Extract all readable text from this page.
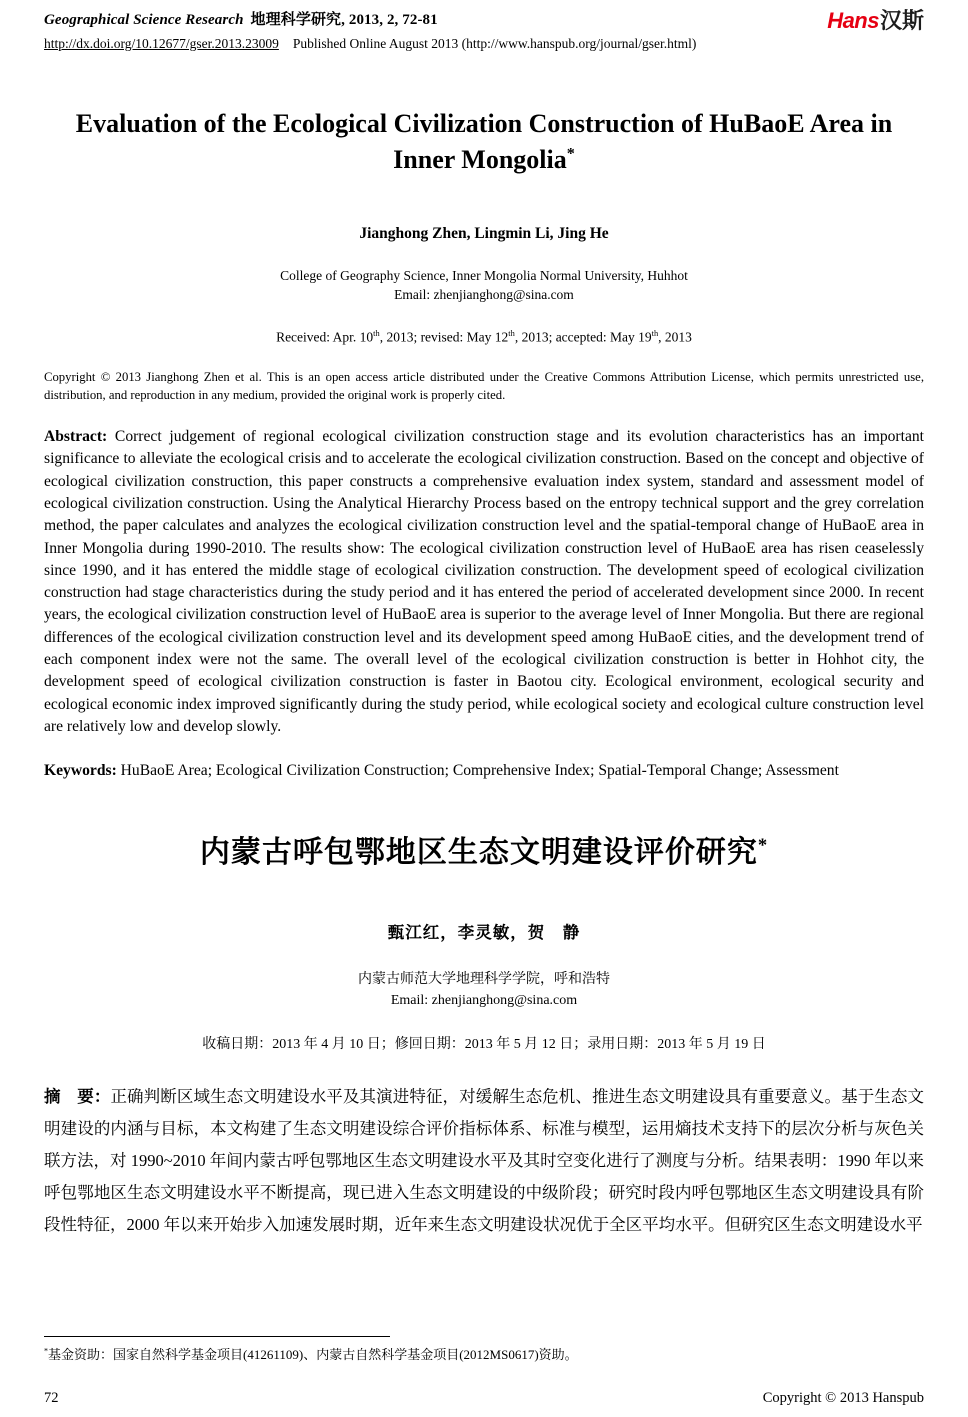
Geographical Science Research 地理科学研究, 2013, 2, 72-81
http://dx.doi.org/10.12677/gser.2013.23009 Published Online August 2013 (http://www.hanspub.org/journal/gser.html)
Hans汉斯
Evaluation of the Ecological Civilization Construction of HuBaoE Area in Inner Mongolia*
Jianghong Zhen, Lingmin Li, Jing He
College of Geography Science, Inner Mongolia Normal University, Huhhot
Email: zhenjianghong@sina.com
Received: Apr. 10th, 2013; revised: May 12th, 2013; accepted: May 19th, 2013

Copyright © 2013 Jianghong Zhen et al. This is an open access article distributed under the Creative Commons Attribution License, which permits unrestricted use, distribution, and reproduction in any medium, provided the original work is properly cited.

Abstract: Correct judgement of regional ecological civilization construction stage and its evolution characteristics has an important significance to alleviate the ecological crisis and to accelerate the ecological civilization construction. Based on the concept and objective of ecological civilization construction, this paper constructs a comprehensive evaluation index system, standard and assessment model of ecological civilization construction. Using the Analytical Hierarchy Process based on the entropy technical support and the grey correlation method, the paper calculates and analyzes the ecological civilization construction level and the spatial-temporal change of HuBaoE area in Inner Mongolia during 1990-2010. The results show: The ecological civilization construction level of HuBaoE area has risen ceaselessly since 1990, and it has entered the middle stage of ecological civilization construction. The development speed of ecological civilization construction had stage characteristics during the study period and it has entered the period of accelerated development since 2000. In recent years, the ecological civilization construction level of HuBaoE area is superior to the average level of Inner Mongolia. But there are regional differences of the ecological civilization construction level and its development speed among HuBaoE cities, and the development trend of each component index were not the same. The overall level of the ecological civilization construction is better in Hohhot city, the development speed of ecological civilization construction is faster in Baotou city. Ecological environment, ecological security and ecological economic index improved significantly during the study period, while ecological society and ecological culture construction level are relatively low and develop slowly.

Keywords: HuBaoE Area; Ecological Civilization Construction; Comprehensive Index; Spatial-Temporal Change; Assessment

内蒙古呼包鄂地区生态文明建设评价研究*
甄江红，李灵敏，贺　静
内蒙古师范大学地理科学学院，呼和浩特
Email: zhenjianghong@sina.com
收稿日期：2013 年 4 月 10 日；修回日期：2013 年 5 月 12 日；录用日期：2013 年 5 月 19 日

摘　要：正确判断区域生态文明建设水平及其演进特征，对缓解生态危机、推进生态文明建设具有重要意义。基于生态文明建设的内涵与目标，本文构建了生态文明建设综合评价指标体系、标准与模型，运用熵技术支持下的层次分析与灰色关联方法，对 1990~2010 年间内蒙古呼包鄂地区生态文明建设水平及其时空变化进行了测度与分析。结果表明：1990 年以来呼包鄂地区生态文明建设水平不断提高，现已进入生态文明建设的中级阶段；研究时段内呼包鄂地区生态文明建设具有阶段性特征，2000 年以来开始步入加速发展时期，近年来生态文明建设状况优于全区平均水平。但研究区生态文明建设水平

*基金资助：国家自然科学基金项目(41261109)、内蒙古自然科学基金项目(2012MS0617)资助。
72	Copyright © 2013 Hanspub
